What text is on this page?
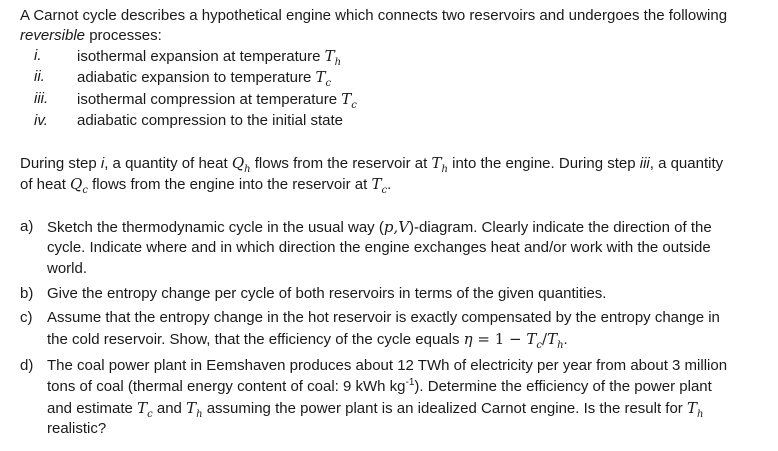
A Carnot cycle describes a hypothetical engine which connects two reservoirs and undergoes the following
reversible processes:
i. isothermal expansion at temperature $T_h$
ii. adiabatic expansion to temperature $T_c$
iii. isothermal compression at temperature $T_c$
iv. adiabatic compression to the initial state
During step i, a quantity of heat $Q_h$ flows from the reservoir at $T_h$ into the engine. During step iii, a quantity
of heat $Q_c$ flows from the engine into the reservoir at $T_c$.
a) Sketch the thermodynamic cycle in the usual way (p,V)-diagram. Clearly indicate the direction of the
cycle. Indicate where and in which direction the engine exchanges heat and/or work with the outside
world.
b) Give the entropy change per cycle of both reservoirs in terms of the given quantities.
c) Assume that the entropy change in the hot reservoir is exactly compensated by the entropy change in
the cold reservoir. Show, that the efficiency of the cycle equals $\eta = 1 - T_c/T_h$.
d) The coal power plant in Eemshaven produces about 12 TWh of electricity per year from about 3 million
tons of coal (thermal energy content of coal: 9 kWh $kg^{-1}$). Determine the efficiency of the power plant
and estimate $T_c$ and $T_h$ assuming the power plant is an idealized Carnot engine. Is the result for $T_h$
realistic?
